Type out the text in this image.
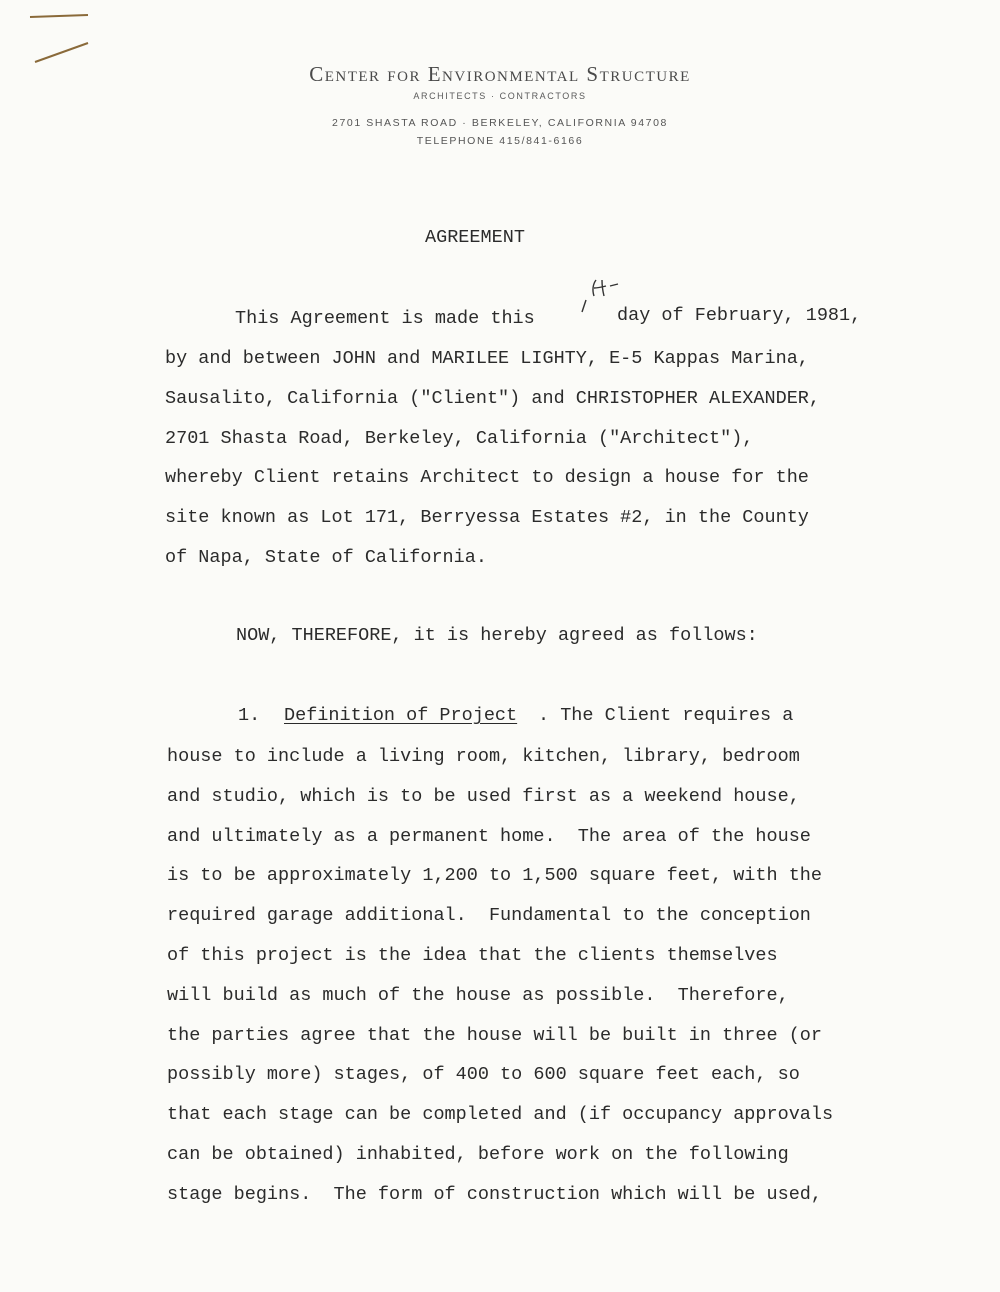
Center for Environmental Structure
ARCHITECTS · CONTRACTORS
2701 SHASTA ROAD · BERKELEY, CALIFORNIA 94708
TELEPHONE 415/841-6166
AGREEMENT
This Agreement is made this	day of February, 1981,
by and between JOHN and MARILEE LIGHTY, E-5 Kappas Marina,
Sausalito, California ("Client") and CHRISTOPHER ALEXANDER,
2701 Shasta Road, Berkeley, California ("Architect"),
whereby Client retains Architect to design a house for the
site known as Lot 171, Berryessa Estates #2, in the County
of Napa, State of California.
NOW, THEREFORE, it is hereby agreed as follows:
1. Definition of Project . The Client requires a
house to include a living room, kitchen, library, bedroom
and studio, which is to be used first as a weekend house,
and ultimately as a permanent home.  The area of the house
is to be approximately 1,200 to 1,500 square feet, with the
required garage additional.  Fundamental to the conception
of this project is the idea that the clients themselves
will build as much of the house as possible.  Therefore,
the parties agree that the house will be built in three (or
possibly more) stages, of 400 to 600 square feet each, so
that each stage can be completed and (if occupancy approvals
can be obtained) inhabited, before work on the following
stage begins.  The form of construction which will be used,
